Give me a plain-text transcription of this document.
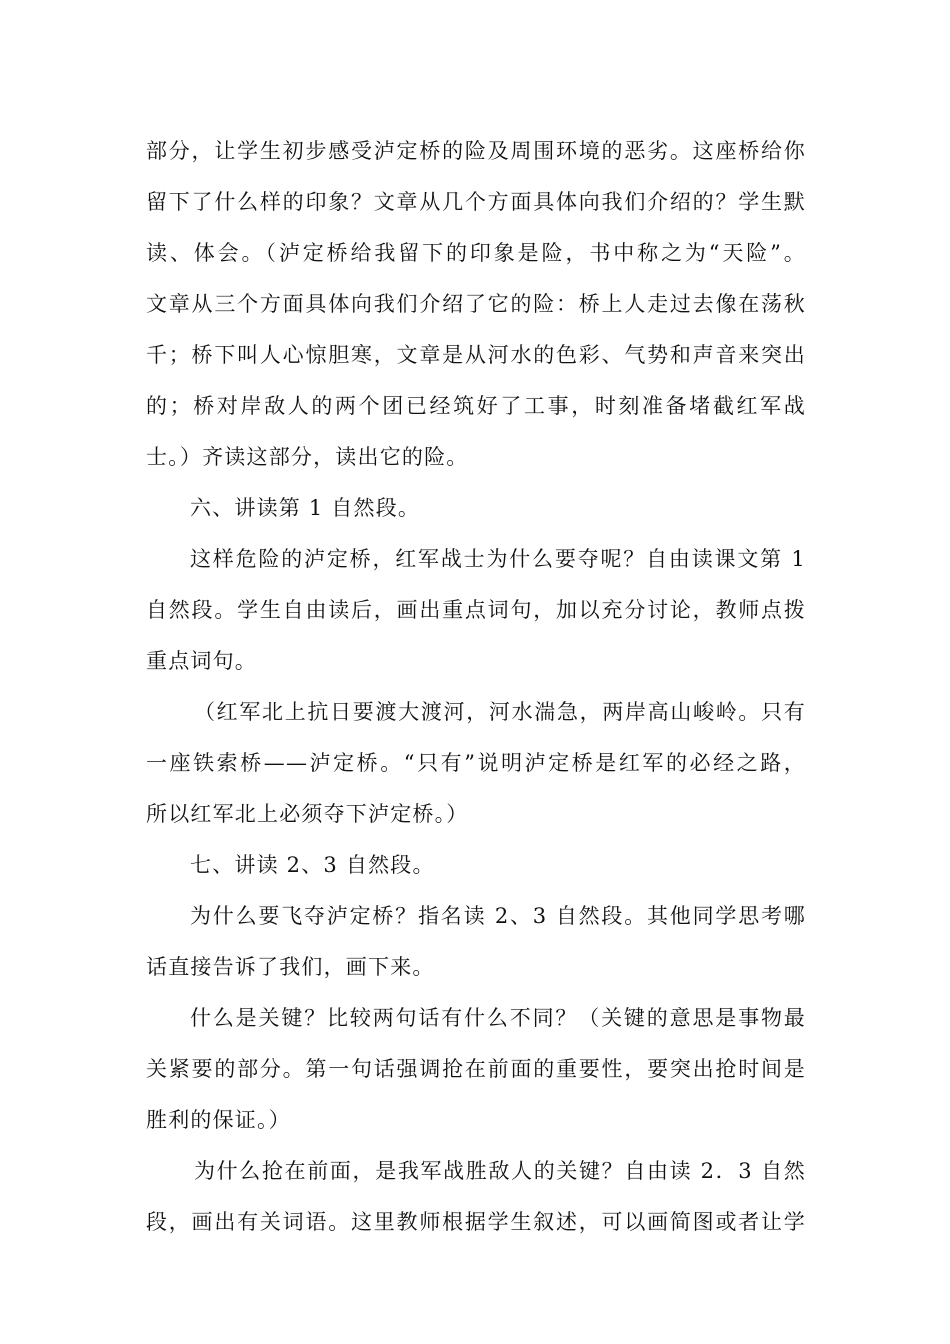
部分，让学生初步感受泸定桥的险及周围环境的恶劣。这座桥给你
留下了什么样的印象？文章从几个方面具体向我们介绍的？学生默
读、体会。（泸定桥给我留下的印象是险，书中称之为“天险”。
文章从三个方面具体向我们介绍了它的险：桥上人走过去像在荡秋
千；桥下叫人心惊胆寒，文章是从河水的色彩、气势和声音来突出
的；桥对岸敌人的两个团已经筑好了工事，时刻准备堵截红军战
士。）齐读这部分，读出它的险。
六、讲读第 1 自然段。
这样危险的泸定桥，红军战士为什么要夺呢？自由读课文第 1
自然段。学生自由读后，画出重点词句，加以充分讨论，教师点拨
重点词句。
（红军北上抗日要渡大渡河，河水湍急，两岸高山峻岭。只有
一座铁索桥——泸定桥。“只有”说明泸定桥是红军的必经之路，
所以红军北上必须夺下泸定桥。）
七、讲读 2、3 自然段。
为什么要飞夺泸定桥？指名读 2、3 自然段。其他同学思考哪
话直接告诉了我们，画下来。
什么是关键？比较两句话有什么不同？（关键的意思是事物最
关紧要的部分。第一句话强调抢在前面的重要性，要突出抢时间是
胜利的保证。）
为什么抢在前面，是我军战胜敌人的关键？自由读 2．3 自然
段，画出有关词语。这里教师根据学生叙述，可以画简图或者让学
